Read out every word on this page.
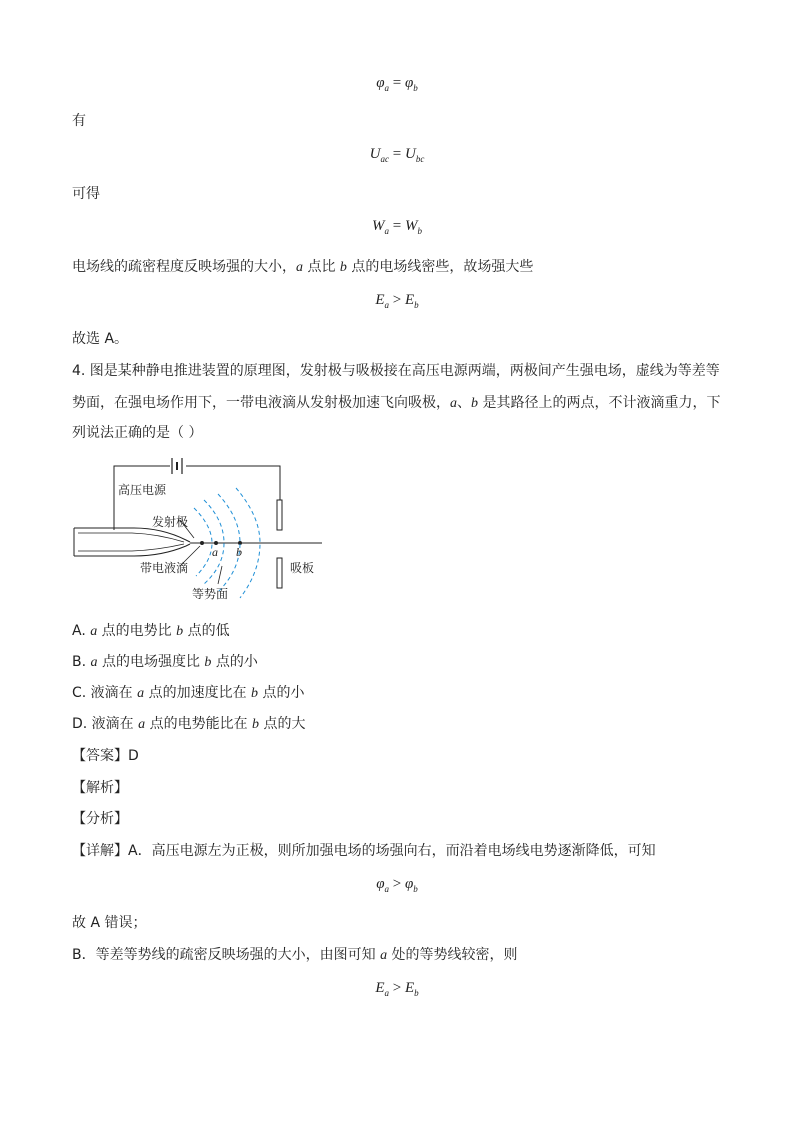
$\varphi_a = \varphi_b$
有
$U_{ac} = U_{bc}$
可得
$W_a = W_b$
电场线的疏密程度反映场强的大小，a 点比 b 点的电场线密些，故场强大些
$E_a > E_b$
故选 A。
4. 图是某种静电推进装置的原理图，发射极与吸极接在高压电源两端，两极间产生强电场，虚线为等差等
势面，在强电场作用下，一带电液滴从发射极加速飞向吸极，a、b 是其路径上的两点，不计液滴重力，下
列说法正确的是（ ）
高压电源
发射极
带电液滴
等势面
吸板
a b
A. a 点的电势比 b 点的低
B. a 点的电场强度比 b 点的小
C. 液滴在 a 点的加速度比在 b 点的小
D. 液滴在 a 点的电势能比在 b 点的大
【答案】D
【解析】
【分析】
【详解】A．高压电源左为正极，则所加强电场的场强向右，而沿着电场线电势逐渐降低，可知
$\varphi_a > \varphi_b$
故 A 错误；
B．等差等势线的疏密反映场强的大小，由图可知 a 处的等势线较密，则
$E_a > E_b$
